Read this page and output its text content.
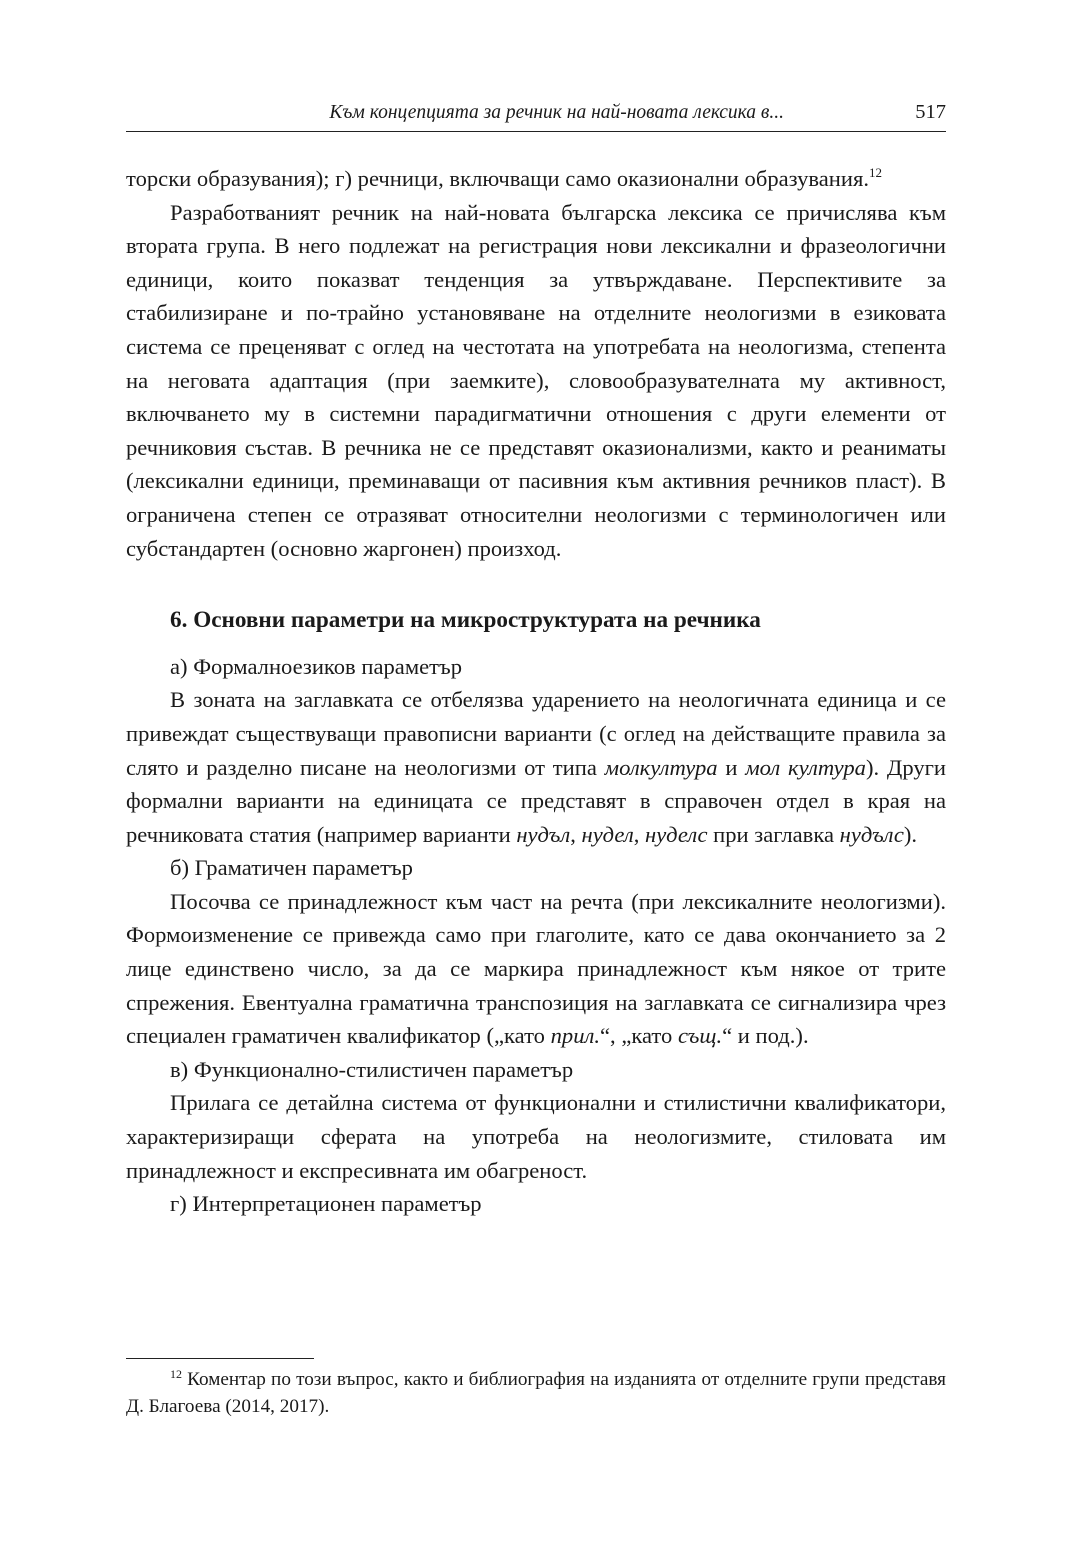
Към концепцията за речник на най-новата лексика в...	517

торски образувания); г) речници, включващи само оказионални образувания.$^{12}$

Разработваният речник на най-новата българска лексика се причислява към втората група. В него подлежат на регистрация нови лексикални и фразеологични единици, които показват тенденция за утвърждаване. Перспективите за стабилизиране и по-трайно установяване на отделните неологизми в езиковата система се преценяват с оглед на честотата на употребата на неологизма, степента на неговата адаптация (при заемките), словообразувателната му активност, включването му в системни парадигматични отношения с други елементи от речниковия състав. В речника не се представят оказионализми, както и реаниматы (лексикални единици, преминаващи от пасивния към активния речников пласт). В ограничена степен се отразяват относителни неологизми с терминологичен или субстандартен (основно жаргонен) произход.

6. Основни параметри на микроструктурата на речника

а) Формалноезиков параметър

В зоната на заглавката се отбелязва ударението на неологичната единица и се привеждат съществуващи правописни варианти (с оглед на действащите правила за слято и разделно писане на неологизми от типа молкултура и мол култура). Други формални варианти на единицата се представят в справочен отдел в края на речниковата статия (например варианти нудъл, нудел, нуделс при заглавка нудълс).

б) Граматичен параметър

Посочва се принадлежност към част на речта (при лексикалните неологизми). Формоизменение се привежда само при глаголите, като се дава окончанието за 2 лице единствено число, за да се маркира принадлежност към някое от трите спрежения. Евентуална граматична транспозиция на заглавката се сигнализира чрез специален граматичен квалификатор („като прил.“, „като същ.“ и под.).

в) Функционално-стилистичен параметър

Прилага се детайлна система от функционални и стилистични квалификатори, характеризиращи сферата на употреба на неологизмите, стиловата им принадлежност и експресивната им обагреност.

г) Интерпретационен параметър

$^{12}$ Коментар по този въпрос, както и библиография на изданията от отделните групи представя Д. Благоева (2014, 2017).
